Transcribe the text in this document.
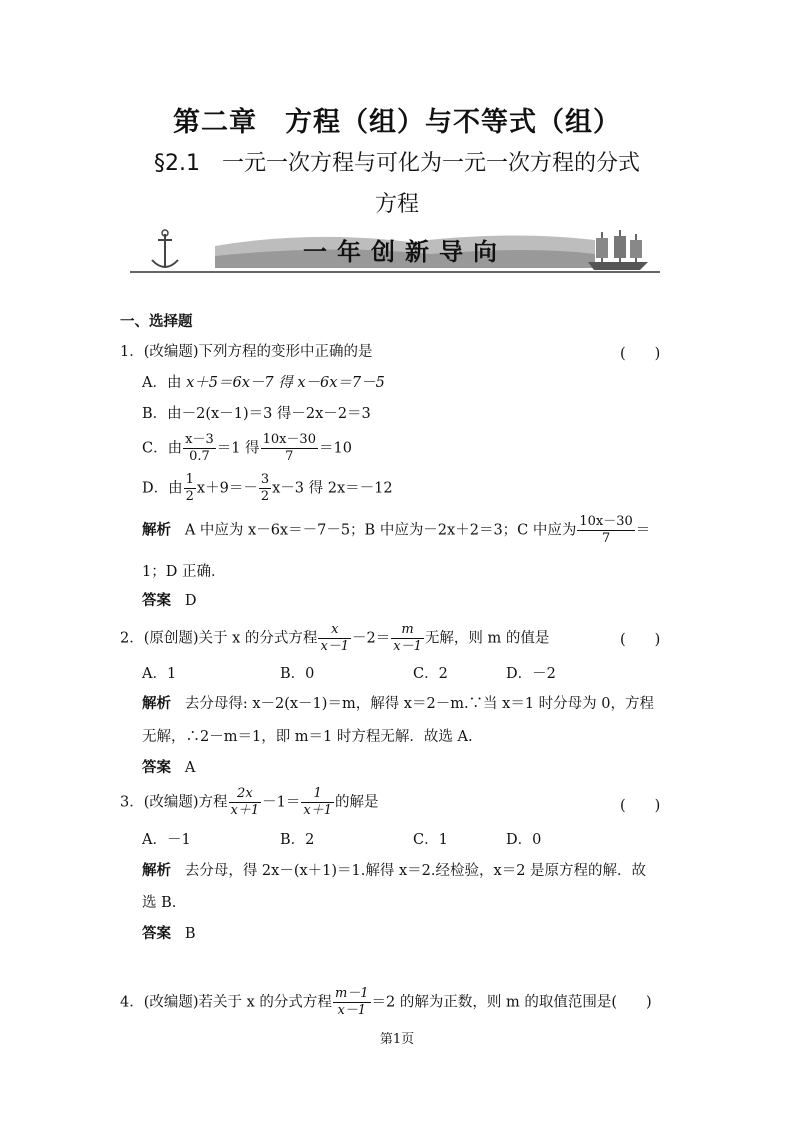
第二章　方程（组）与不等式（组）
§2.1　一元一次方程与可化为一元一次方程的分式
方程
一年创新导向
一、选择题
1．(改编题)下列方程的变形中正确的是	(　　)
A．由 x＋5＝6x－7 得 x－6x＝7－5
B．由－2(x－1)＝3 得－2x－2＝3
C．由 $\frac{x-3}{0.7} =1$ 得 $\frac{10x-30}{7} =10$
D．由 $\frac{1}{2} x+9=- \frac{3}{2} x-3$ 得 2x＝－12
解析 A 中应为 x－6x＝－7－5；B 中应为－2x＋2＝3；C 中应为 $\frac{10x-30}{7}$ ＝
1；D 正确．
答案 D
2．(原创题)关于 x 的分式方程 $\frac{x}{x-1} -2= \frac{m}{x-1}$ 无解，则 m 的值是	(　　)
A．1	B．0	C．2	D．－2
解析 去分母得: x－2(x－1)＝m，解得 x＝2－m.∵当 x＝1 时分母为 0，方程
无解，∴2－m＝1，即 m＝1 时方程无解．故选 A.
答案 A
3．(改编题)方程 $\frac{2x}{x+1} -1= \frac{1}{x+1}$ 的解是	(　　)
A．－1	B．2	C．1	D．0
解析 去分母，得 2x－(x＋1)＝1.解得 x＝2.经检验，x＝2 是原方程的解．故
选 B.
答案 B
4．(改编题)若关于 x 的分式方程 $\frac{m-1}{x-1} =2$ 的解为正数，则 m 的取值范围是(　　)
第1页
